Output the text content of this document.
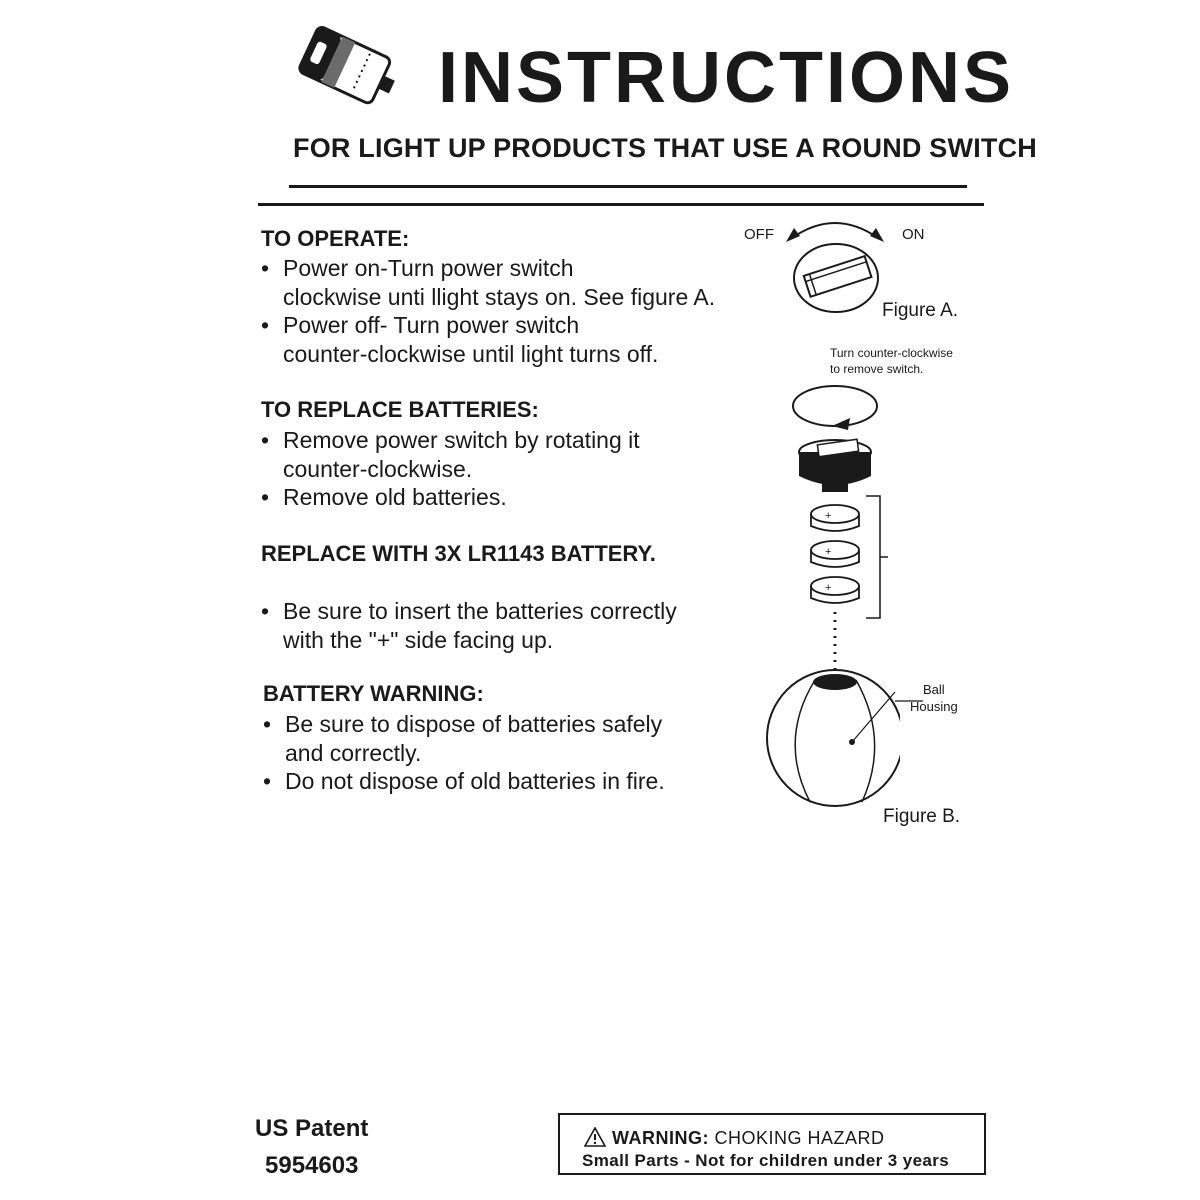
INSTRUCTIONS
FOR LIGHT UP PRODUCTS THAT USE A ROUND SWITCH
TO OPERATE:
• Power on-Turn power switch
clockwise unti llight stays on. See figure A.
• Power off- Turn power switch
counter-clockwise until light turns off.
TO REPLACE BATTERIES:
• Remove power switch by rotating it
counter-clockwise.
• Remove old batteries.
REPLACE WITH 3X LR1143 BATTERY.
• Be sure to insert the batteries correctly
with the "+" side facing up.
BATTERY WARNING:
• Be sure to dispose of batteries safely
and correctly.
• Do not dispose of old batteries in fire.
OFF	ON
Figure A.
Turn counter-clockwise
to remove switch.
+
+
+
Ball
Housing
Figure B.
US Patent
5954603
WARNING: CHOKING HAZARD
Small Parts - Not for children under 3 years
